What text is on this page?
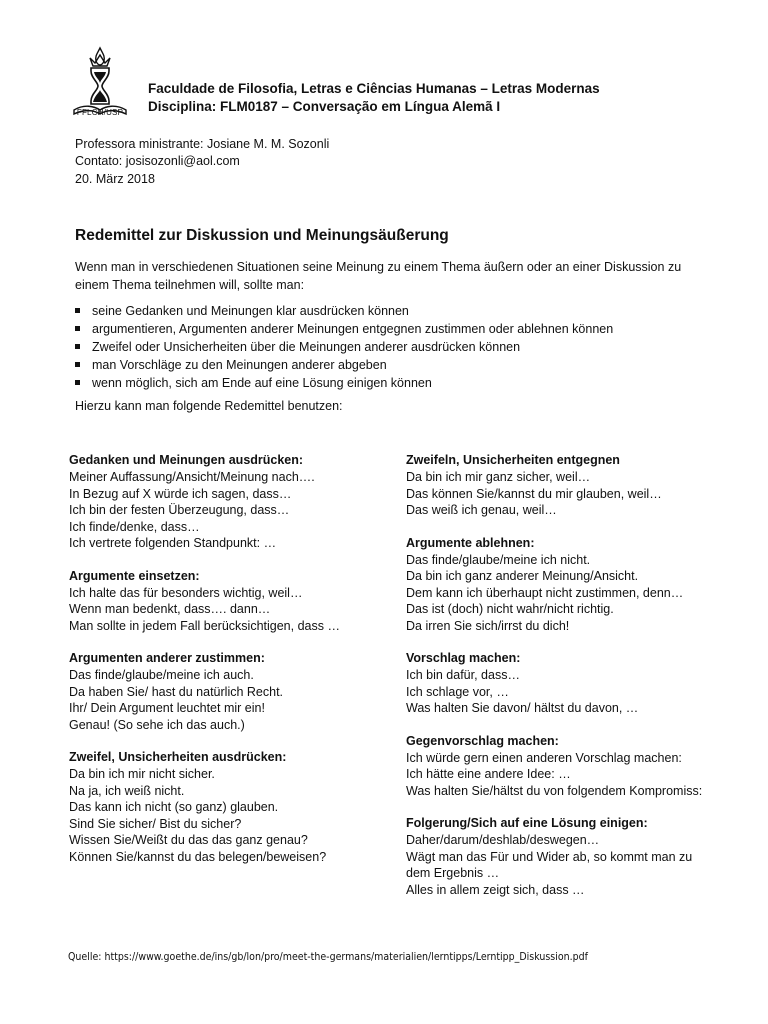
FFLCH/USP
Faculdade de Filosofia, Letras e Ciências Humanas – Letras Modernas
Disciplina: FLM0187 – Conversação em Língua Alemã I
Professora ministrante: Josiane M. M. Sozonli
Contato: josisozonli@aol.com
20. März 2018
Redemittel zur Diskussion und Meinungsäußerung
Wenn man in verschiedenen Situationen seine Meinung zu einem Thema äußern oder an einer Diskussion zu einem Thema teilnehmen will, sollte man:
seine Gedanken und Meinungen klar ausdrücken können
argumentieren, Argumenten anderer Meinungen entgegnen zustimmen oder ablehnen können
Zweifel oder Unsicherheiten über die Meinungen anderer ausdrücken können
man Vorschläge zu den Meinungen anderer abgeben
wenn möglich, sich am Ende auf eine Lösung einigen können
Hierzu kann man folgende Redemittel benutzen:
Gedanken und Meinungen ausdrücken:
Meiner Auffassung/Ansicht/Meinung nach….
In Bezug auf X würde ich sagen, dass…
Ich bin der festen Überzeugung, dass…
Ich finde/denke, dass…
Ich vertrete folgenden Standpunkt: …
Argumente einsetzen:
Ich halte das für besonders wichtig, weil…
Wenn man bedenkt, dass…. dann…
Man sollte in jedem Fall berücksichtigen, dass …
Argumenten anderer zustimmen:
Das finde/glaube/meine ich auch.
Da haben Sie/ hast du natürlich Recht.
Ihr/ Dein Argument leuchtet mir ein!
Genau! (So sehe ich das auch.)
Zweifel, Unsicherheiten ausdrücken:
Da bin ich mir nicht sicher.
Na ja, ich weiß nicht.
Das kann ich nicht (so ganz) glauben.
Sind Sie sicher/ Bist du sicher?
Wissen Sie/Weißt du das das ganz genau?
Können Sie/kannst du das belegen/beweisen?
Zweifeln, Unsicherheiten entgegnen
Da bin ich mir ganz sicher, weil…
Das können Sie/kannst du mir glauben, weil…
Das weiß ich genau, weil…
Argumente ablehnen:
Das finde/glaube/meine ich nicht.
Da bin ich ganz anderer Meinung/Ansicht.
Dem kann ich überhaupt nicht zustimmen, denn…
Das ist (doch) nicht wahr/nicht richtig.
Da irren Sie sich/irrst du dich!
Vorschlag machen:
Ich bin dafür, dass…
Ich schlage vor, …
Was halten Sie davon/ hältst du davon, …
Gegenvorschlag machen:
Ich würde gern einen anderen Vorschlag machen:
Ich hätte eine andere Idee: …
Was halten Sie/hältst du von folgendem Kompromiss:
Folgerung/Sich auf eine Lösung einigen:
Daher/darum/deshlab/deswegen…
Wägt man das Für und Wider ab, so kommt man zu
dem Ergebnis …
Alles in allem zeigt sich, dass …
Quelle: https://www.goethe.de/ins/gb/lon/pro/meet-the-germans/materialien/lerntipps/Lerntipp_Diskussion.pdf
